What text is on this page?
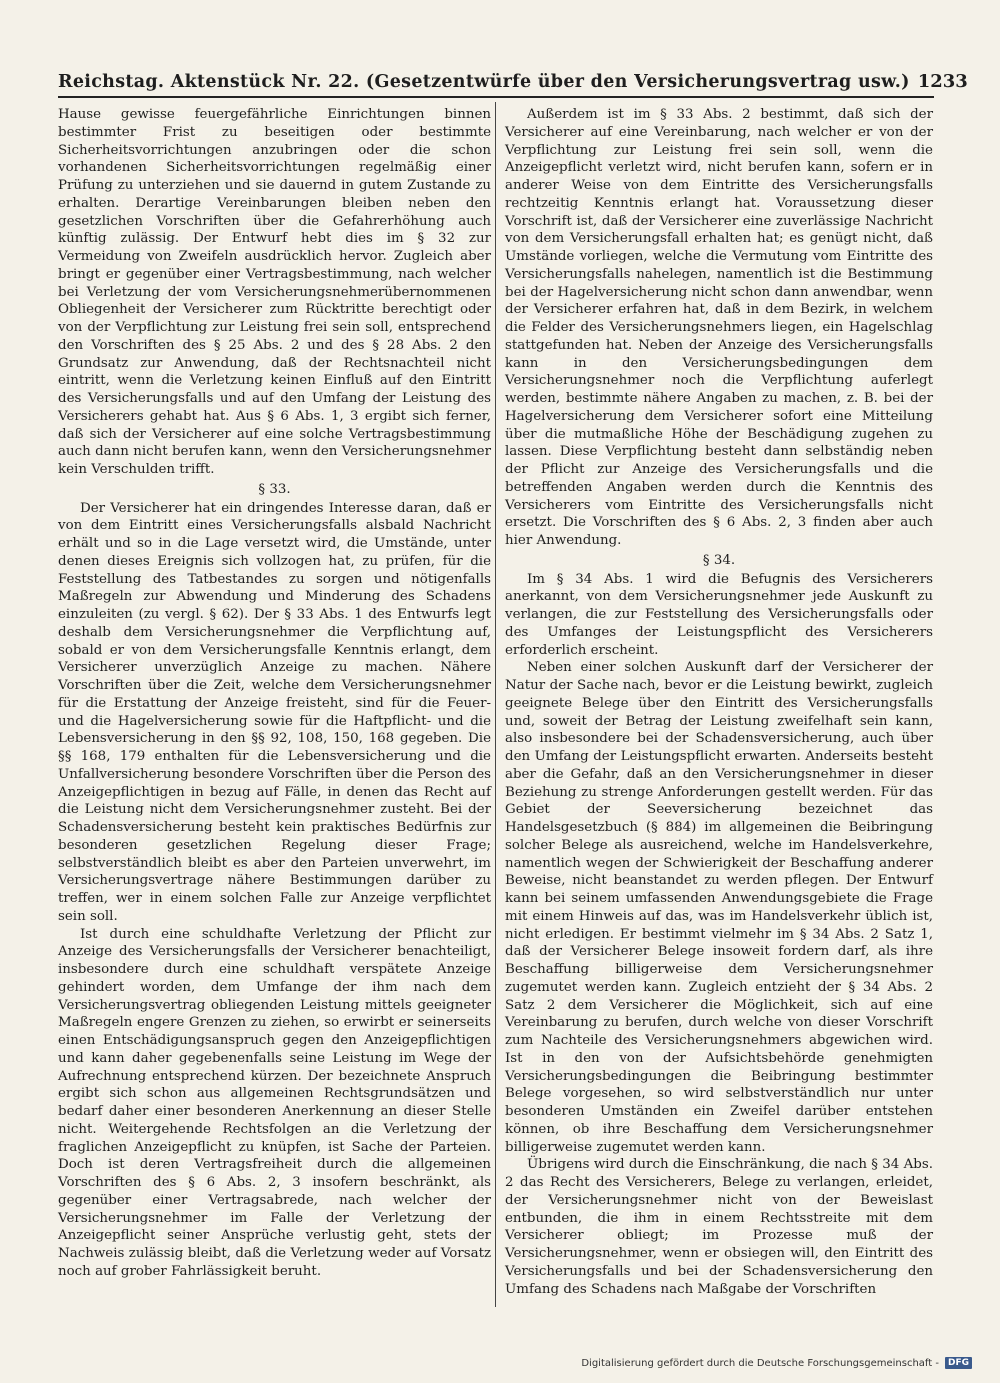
Reichstag. Aktenstück Nr. 22. (Gesetzentwürfe über den Versicherungsvertrag usw.) 1233

Hause gewisse feuergefährliche Einrichtungen binnen bestimmter Frist zu beseitigen oder bestimmte Sicherheitsvorrichtungen anzubringen oder die schon vorhandenen Sicherheitsvorrichtungen regelmäßig einer Prüfung zu unterziehen und sie dauernd in gutem Zustande zu erhalten. Derartige Vereinbarungen bleiben neben den gesetzlichen Vorschriften über die Gefahrerhöhung auch künftig zulässig. Der Entwurf hebt dies im § 32 zur Vermeidung von Zweifeln ausdrücklich hervor. Zugleich aber bringt er gegenüber einer Vertragsbestimmung, nach welcher bei Verletzung der vom Versicherungsnehmerübernommenen Obliegenheit der Versicherer zum Rücktritte berechtigt oder von der Verpflichtung zur Leistung frei sein soll, entsprechend den Vorschriften des § 25 Abs. 2 und des § 28 Abs. 2 den Grundsatz zur Anwendung, daß der Rechtsnachteil nicht eintritt, wenn die Verletzung keinen Einfluß auf den Eintritt des Versicherungsfalls und auf den Umfang der Leistung des Versicherers gehabt hat. Aus § 6 Abs. 1, 3 ergibt sich ferner, daß sich der Versicherer auf eine solche Vertragsbestimmung auch dann nicht berufen kann, wenn den Versicherungsnehmer kein Verschulden trifft.

§ 33.

Der Versicherer hat ein dringendes Interesse daran, daß er von dem Eintritt eines Versicherungsfalls alsbald Nachricht erhält und so in die Lage versetzt wird, die Umstände, unter denen dieses Ereignis sich vollzogen hat, zu prüfen, für die Feststellung des Tatbestandes zu sorgen und nötigenfalls Maßregeln zur Abwendung und Minderung des Schadens einzuleiten (zu vergl. § 62). Der § 33 Abs. 1 des Entwurfs legt deshalb dem Versicherungsnehmer die Verpflichtung auf, sobald er von dem Versicherungsfalle Kenntnis erlangt, dem Versicherer unverzüglich Anzeige zu machen. Nähere Vorschriften über die Zeit, welche dem Versicherungsnehmer für die Erstattung der Anzeige freisteht, sind für die Feuer- und die Hagelversicherung sowie für die Haftpflicht- und die Lebensversicherung in den §§ 92, 108, 150, 168 gegeben. Die §§ 168, 179 enthalten für die Lebensversicherung und die Unfallversicherung besondere Vorschriften über die Person des Anzeigepflichtigen in bezug auf Fälle, in denen das Recht auf die Leistung nicht dem Versicherungsnehmer zusteht. Bei der Schadensversicherung besteht kein praktisches Bedürfnis zur besonderen gesetzlichen Regelung dieser Frage; selbstverständlich bleibt es aber den Parteien unverwehrt, im Versicherungsvertrage nähere Bestimmungen darüber zu treffen, wer in einem solchen Falle zur Anzeige verpflichtet sein soll.

Ist durch eine schuldhafte Verletzung der Pflicht zur Anzeige des Versicherungsfalls der Versicherer benachteiligt, insbesondere durch eine schuldhaft verspätete Anzeige gehindert worden, dem Umfange der ihm nach dem Versicherungsvertrag obliegenden Leistung mittels geeigneter Maßregeln engere Grenzen zu ziehen, so erwirbt er seinerseits einen Entschädigungsanspruch gegen den Anzeigepflichtigen und kann daher gegebenenfalls seine Leistung im Wege der Aufrechnung entsprechend kürzen. Der bezeichnete Anspruch ergibt sich schon aus allgemeinen Rechtsgrundsätzen und bedarf daher einer besonderen Anerkennung an dieser Stelle nicht. Weitergehende Rechtsfolgen an die Verletzung der fraglichen Anzeigepflicht zu knüpfen, ist Sache der Parteien. Doch ist deren Vertragsfreiheit durch die allgemeinen Vorschriften des § 6 Abs. 2, 3 insofern beschränkt, als gegenüber einer Vertragsabrede, nach welcher der Versicherungsnehmer im Falle der Verletzung der Anzeigepflicht seiner Ansprüche verlustig geht, stets der Nachweis zulässig bleibt, daß die Verletzung weder auf Vorsatz noch auf grober Fahrlässigkeit beruht.

Außerdem ist im § 33 Abs. 2 bestimmt, daß sich der Versicherer auf eine Vereinbarung, nach welcher er von der Verpflichtung zur Leistung frei sein soll, wenn die Anzeigepflicht verletzt wird, nicht berufen kann, sofern er in anderer Weise von dem Eintritte des Versicherungsfalls rechtzeitig Kenntnis erlangt hat. Voraussetzung dieser Vorschrift ist, daß der Versicherer eine zuverlässige Nachricht von dem Versicherungsfall erhalten hat; es genügt nicht, daß Umstände vorliegen, welche die Vermutung vom Eintritte des Versicherungsfalls nahelegen, namentlich ist die Bestimmung bei der Hagelversicherung nicht schon dann anwendbar, wenn der Versicherer erfahren hat, daß in dem Bezirk, in welchem die Felder des Versicherungsnehmers liegen, ein Hagelschlag stattgefunden hat. Neben der Anzeige des Versicherungsfalls kann in den Versicherungsbedingungen dem Versicherungsnehmer noch die Verpflichtung auferlegt werden, bestimmte nähere Angaben zu machen, z. B. bei der Hagelversicherung dem Versicherer sofort eine Mitteilung über die mutmaßliche Höhe der Beschädigung zugehen zu lassen. Diese Verpflichtung besteht dann selbständig neben der Pflicht zur Anzeige des Versicherungsfalls und die betreffenden Angaben werden durch die Kenntnis des Versicherers vom Eintritte des Versicherungsfalls nicht ersetzt. Die Vorschriften des § 6 Abs. 2, 3 finden aber auch hier Anwendung.

§ 34.

Im § 34 Abs. 1 wird die Befugnis des Versicherers anerkannt, von dem Versicherungsnehmer jede Auskunft zu verlangen, die zur Feststellung des Versicherungsfalls oder des Umfanges der Leistungspflicht des Versicherers erforderlich erscheint.

Neben einer solchen Auskunft darf der Versicherer der Natur der Sache nach, bevor er die Leistung bewirkt, zugleich geeignete Belege über den Eintritt des Versicherungsfalls und, soweit der Betrag der Leistung zweifelhaft sein kann, also insbesondere bei der Schadensversicherung, auch über den Umfang der Leistungspflicht erwarten. Anderseits besteht aber die Gefahr, daß an den Versicherungsnehmer in dieser Beziehung zu strenge Anforderungen gestellt werden. Für das Gebiet der Seeversicherung bezeichnet das Handelsgesetzbuch (§ 884) im allgemeinen die Beibringung solcher Belege als ausreichend, welche im Handelsverkehre, namentlich wegen der Schwierigkeit der Beschaffung anderer Beweise, nicht beanstandet zu werden pflegen. Der Entwurf kann bei seinem umfassenden Anwendungsgebiete die Frage mit einem Hinweis auf das, was im Handelsverkehr üblich ist, nicht erledigen. Er bestimmt vielmehr im § 34 Abs. 2 Satz 1, daß der Versicherer Belege insoweit fordern darf, als ihre Beschaffung billigerweise dem Versicherungsnehmer zugemutet werden kann. Zugleich entzieht der § 34 Abs. 2 Satz 2 dem Versicherer die Möglichkeit, sich auf eine Vereinbarung zu berufen, durch welche von dieser Vorschrift zum Nachteile des Versicherungsnehmers abgewichen wird. Ist in den von der Aufsichtsbehörde genehmigten Versicherungsbedingungen die Beibringung bestimmter Belege vorgesehen, so wird selbstverständlich nur unter besonderen Umständen ein Zweifel darüber entstehen können, ob ihre Beschaffung dem Versicherungsnehmer billigerweise zugemutet werden kann.

Übrigens wird durch die Einschränkung, die nach § 34 Abs. 2 das Recht des Versicherers, Belege zu verlangen, erleidet, der Versicherungsnehmer nicht von der Beweislast entbunden, die ihm in einem Rechtsstreite mit dem Versicherer obliegt; im Prozesse muß der Versicherungsnehmer, wenn er obsiegen will, den Eintritt des Versicherungsfalls und bei der Schadensversicherung den Umfang des Schadens nach Maßgabe der Vorschriften

Digitalisierung gefördert durch die Deutsche Forschungsgemeinschaft -	DFG
